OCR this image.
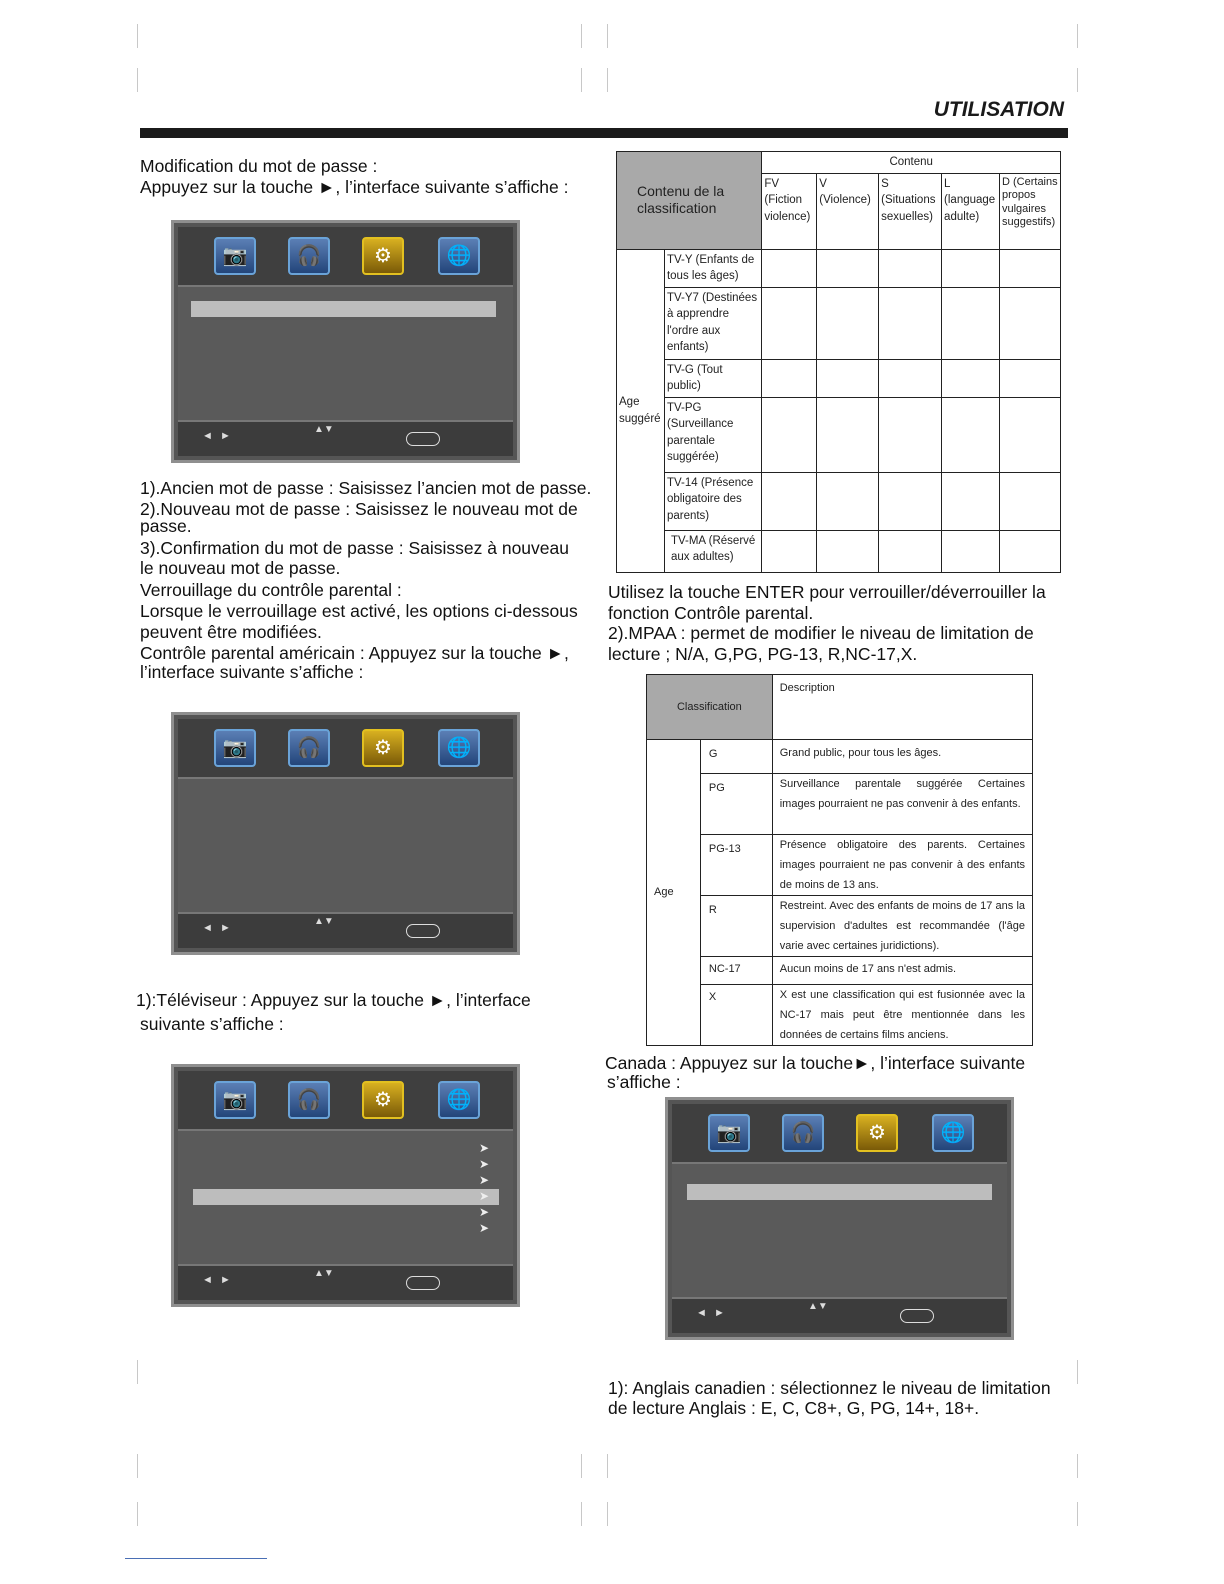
UTILISATION
Modification du mot de passe :
Appuyez sur la touche ►, l’interface suivante s’affiche :
📷	🎧	⚙	🌐
◄ ►
▲▼
1).Ancien mot de passe : Saisissez l’ancien mot de passe.
2).Nouveau mot de passe : Saisissez le nouveau mot de
passe.
3).Confirmation du mot de passe : Saisissez à nouveau
le nouveau mot de passe.
Verrouillage du contrôle parental :
Lorsque le verrouillage est activé, les options ci-dessous
peuvent être modifiées.
Contrôle parental américain : Appuyez sur la touche ►,
l’interface suivante s’affiche :
📷	🎧	⚙	🌐
◄ ►
▲▼
1):Téléviseur : Appuyez sur la touche ►, l’interface
suivante s’affiche :
📷	🎧	⚙	🌐
➤
➤
➤
➤
➤
➤
◄ ►
▲▼
Contenu de la classification		Contenu				
		FV (Fiction violence)	V (Violence)	S (Situations sexuelles)	L (language adulte)	D (Certains propos vulgaires suggestifs)
Age suggéré	TV-Y (Enfants de tous les âges)					
	TV-Y7 (Destinées à apprendre l'ordre aux enfants)					
	TV-G (Tout public)					
	TV-PG (Surveillance parentale suggérée)					
	TV-14 (Présence obligatoire des parents)					
	TV-MA (Réservé aux adultes)					
Utilisez la touche ENTER pour verrouiller/déverrouiller la
fonction Contrôle parental.
2).MPAA : permet de modifier le niveau de limitation de
lecture ; N/A, G,PG, PG-13, R,NC-17,X.
Classification		Description
Age	G	Grand public, pour tous les âges.
	PG	Surveillance parentale suggérée Certaines images pourraient ne pas convenir à des enfants.
	PG-13	Présence obligatoire des parents. Certaines images pourraient ne pas convenir à des enfants de moins de 13 ans.
	R	Restreint. Avec des enfants de moins de 17 ans la supervision d'adultes est recommandée (l'âge varie avec certaines juridictions).
	NC-17	Aucun moins de 17 ans n'est admis.
	X	X est une classification qui est fusionnée avec la NC-17 mais peut être mentionnée dans les données de certains films anciens.
Canada : Appuyez sur la touche►, l’interface suivante
s’affiche :
📷	🎧	⚙	🌐
◄ ►
▲▼
1): Anglais canadien : sélectionnez le niveau de limitation
de lecture Anglais : E, C, C8+, G, PG, 14+, 18+.
